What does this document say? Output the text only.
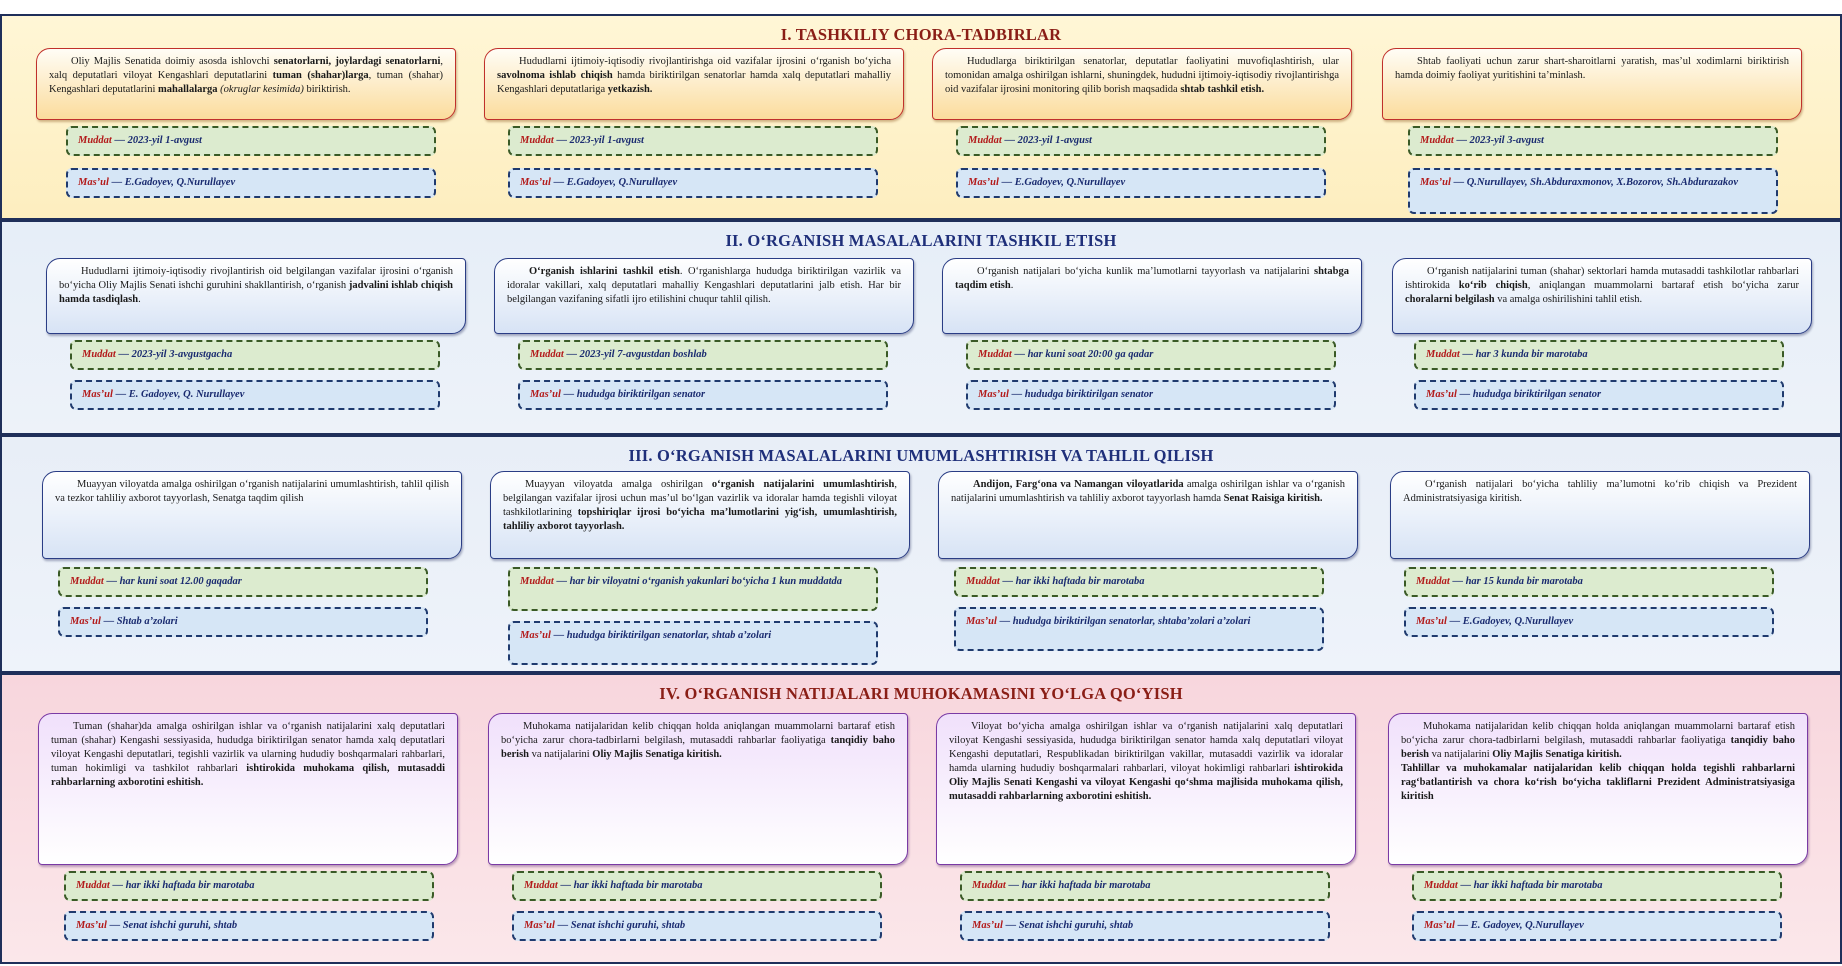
I. TASHKILIY CHORA-TADBIRLAR
II. O‘RGANISH MASALALARINI TASHKIL ETISH
III. O‘RGANISH MASALALARINI UMUMLASHTIRISH VA TAHLIL QILISH
IV. O‘RGANISH NATIJALARI MUHOKAMASINI YO‘LGA QO‘YISH
Oliy Majlis Senatida doimiy asosda ishlovchi senatorlarni, joylardagi senatorlarni, xalq deputatlari viloyat Kengashlari deputatlarini tuman (shahar)larga, tuman (shahar) Kengashlari deputatlarini mahallalarga (okruglar kesimida) biriktirish.
Muddat — 2023-yil 1-avgust
Mas’ul — E.Gadoyev, Q.Nurullayev
Hududlarni ijtimoiy-iqtisodiy rivojlantirishga oid vazifalar ijrosini o‘rganish bo‘yicha savolnoma ishlab chiqish hamda biriktirilgan senatorlar hamda xalq deputatlari mahalliy Kengashlari deputatlariga yetkazish.
Muddat — 2023-yil 1-avgust
Mas’ul — E.Gadoyev, Q.Nurullayev
Hududlarga biriktirilgan senatorlar, deputatlar faoliyatini muvofiqlashtirish, ular tomonidan amalga oshirilgan ishlarni, shuningdek, hududni ijtimoiy-iqtisodiy rivojlantirishga oid vazifalar ijrosini monitoring qilib borish maqsadida shtab tashkil etish.
Muddat — 2023-yil 1-avgust
Mas’ul — E.Gadoyev, Q.Nurullayev
Shtab faoliyati uchun zarur shart-sharoitlarni yaratish, mas’ul xodimlarni biriktirish hamda doimiy faoliyat yuritishini ta’minlash.
Muddat — 2023-yil 3-avgust
Mas’ul — Q.Nurullayev, Sh.Abduraxmonov, X.Bozorov, Sh.Abdurazakov
Hududlarni ijtimoiy-iqtisodiy rivojlantirish oid belgilangan vazifalar ijrosini o‘rganish bo‘yicha Oliy Majlis Senati ishchi guruhini shakllantirish, o‘rganish jadvalini ishlab chiqish hamda tasdiqlash.
Muddat — 2023-yil 3-avgustgacha
Mas’ul — E. Gadoyev, Q. Nurullayev
O‘rganish ishlarini tashkil etish. O‘rganishlarga hududga biriktirilgan vazirlik va idoralar vakillari, xalq deputatlari mahalliy Kengashlari deputatlarini jalb etish. Har bir belgilangan vazifaning sifatli ijro etilishini chuqur tahlil qilish.
Muddat — 2023-yil 7-avgustdan boshlab
Mas’ul — hududga biriktirilgan senator
O‘rganish natijalari bo‘yicha kunlik ma’lumotlarni tayyorlash va natijalarini shtabga taqdim etish.
Muddat — har kuni soat 20:00 ga qadar
Mas’ul — hududga biriktirilgan senator
O‘rganish natijalarini tuman (shahar) sektorlari hamda mutasaddi tashkilotlar rahbarlari ishtirokida ko‘rib chiqish, aniqlangan muammolarni bartaraf etish bo‘yicha zarur choralarni belgilash va amalga oshirilishini tahlil etish.
Muddat — har 3 kunda bir marotaba
Mas’ul — hududga biriktirilgan senator
Muayyan viloyatda amalga oshirilgan o‘rganish natijalarini umumlashtirish, tahlil qilish va tezkor tahliliy axborot tayyorlash, Senatga taqdim qilish
Muddat — har kuni soat 12.00 gaqadar
Mas’ul — Shtab a’zolari
Muayyan viloyatda amalga oshirilgan o‘rganish natijalarini umumlashtirish, belgilangan vazifalar ijrosi uchun mas’ul bo‘lgan vazirlik va idoralar hamda tegishli viloyat tashkilotlarining topshiriqlar ijrosi bo‘yicha ma’lumotlarini yig‘ish, umumlashtirish, tahliliy axborot tayyorlash.
Muddat — har bir viloyatni o‘rganish yakunlari bo‘yicha 1 kun muddatda
Mas’ul — hududga biriktirilgan senatorlar, shtab a’zolari
Andijon, Farg‘ona va Namangan viloyatlarida amalga oshirilgan ishlar va o‘rganish natijalarini umumlashtirish va tahliliy axborot tayyorlash hamda Senat Raisiga kiritish.
Muddat — har ikki haftada bir marotaba
Mas’ul — hududga biriktirilgan senatorlar, shtaba’zolari a’zolari
O‘rganish natijalari bo‘yicha tahliliy ma’lumotni ko‘rib chiqish va Prezident Administratsiyasiga kiritish.
Muddat — har 15 kunda bir marotaba
Mas’ul — E.Gadoyev, Q.Nurullayev
Tuman (shahar)da amalga oshirilgan ishlar va o‘rganish natijalarini xalq deputatlari tuman (shahar) Kengashi sessiyasida, hududga biriktirilgan senator hamda xalq deputatlari viloyat Kengashi deputatlari, tegishli vazirlik va ularning hududiy boshqarmalari rahbarlari, tuman hokimligi va tashkilot rahbarlari ishtirokida muhokama qilish, mutasaddi rahbarlarning axborotini eshitish.
Muddat — har ikki haftada bir marotaba
Mas’ul — Senat ishchi guruhi, shtab
Muhokama natijalaridan kelib chiqqan holda aniqlangan muammolarni bartaraf etish bo‘yicha zarur chora-tadbirlarni belgilash, mutasaddi rahbarlar faoliyatiga tanqidiy baho berish va natijalarini Oliy Majlis Senatiga kiritish.
Muddat — har ikki haftada bir marotaba
Mas’ul — Senat ishchi guruhi, shtab
Viloyat bo‘yicha amalga oshirilgan ishlar va o‘rganish natijalarini xalq deputatlari viloyat Kengashi sessiyasida, hududga biriktirilgan senator hamda xalq deputatlari viloyat Kengashi deputatlari, Respublikadan biriktirilgan vakillar, mutasaddi vazirlik va idoralar hamda ularning hududiy boshqarmalari rahbarlari, viloyat hokimligi rahbarlari ishtirokida Oliy Majlis Senati Kengashi va viloyat Kengashi qo‘shma majlisida muhokama qilish, mutasaddi rahbarlarning axborotini eshitish.
Muddat — har ikki haftada bir marotaba
Mas’ul — Senat ishchi guruhi, shtab
Muhokama natijalaridan kelib chiqqan holda aniqlangan muammolarni bartaraf etish bo‘yicha zarur chora-tadbirlarni belgilash, mutasaddi rahbarlar faoliyatiga tanqidiy baho berish va natijalarini Oliy Majlis Senatiga kiritish.
Tahlillar va muhokamalar natijalaridan kelib chiqqan holda tegishli rahbarlarni rag‘batlantirish va chora ko‘rish bo‘yicha takliflarni Prezident Administratsiyasiga kiritish
Muddat — har ikki haftada bir marotaba
Mas’ul — E. Gadoyev, Q.Nurullayev
